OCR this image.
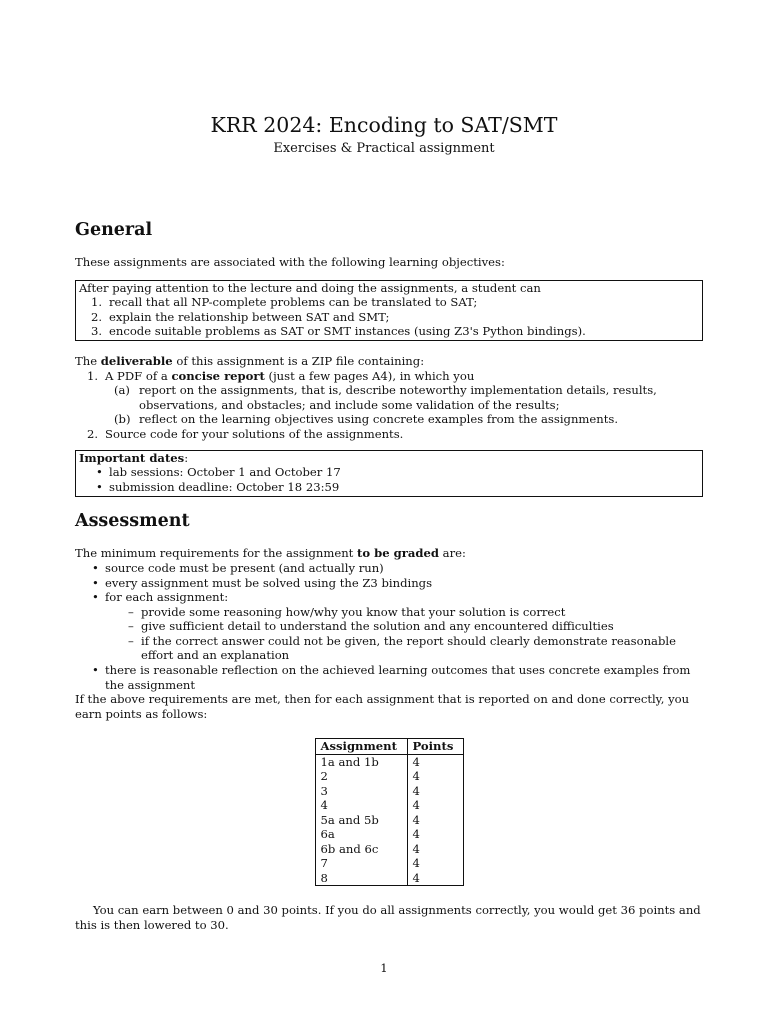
KRR 2024: Encoding to SAT/SMT
Exercises & Practical assignment
General

These assignments are associated with the following learning objectives:

After paying attention to the lecture and doing the assignments, a student can

1. recall that all NP-complete problems can be translated to SAT;
2. explain the relationship between SAT and SMT;
3. encode suitable problems as SAT or SMT instances (using Z3's Python bindings).

The deliverable of this assignment is a ZIP file containing:

1. A PDF of a concise report (just a few pages A4), in which you
(a) report on the assignments, that is, describe noteworthy implementation details, results, observations, and obstacles; and include some validation of the results;
(b) reflect on the learning objectives using concrete examples from the assignments.
2. Source code for your solutions of the assignments.

Important dates:

• lab sessions: October 1 and October 17
• submission deadline: October 18 23:59
Assessment

The minimum requirements for the assignment to be graded are:

• source code must be present (and actually run)
• every assignment must be solved using the Z3 bindings
• for each assignment:
– provide some reasoning how/why you know that your solution is correct
– give sufficient detail to understand the solution and any encountered difficulties
– if the correct answer could not be given, the report should clearly demonstrate reasonable effort and an explanation
• there is reasonable reflection on the achieved learning outcomes that uses concrete examples from the assignment

If the above requirements are met, then for each assignment that is reported on and done correctly, you earn points as follows:

Assignment	Points
1a and 1b	4
2	4
3	4
4	4
5a and 5b	4
6a	4
6b and 6c	4
7	4
8	4

You can earn between 0 and 30 points. If you do all assignments correctly, you would get 36 points and this is then lowered to 30.

1
